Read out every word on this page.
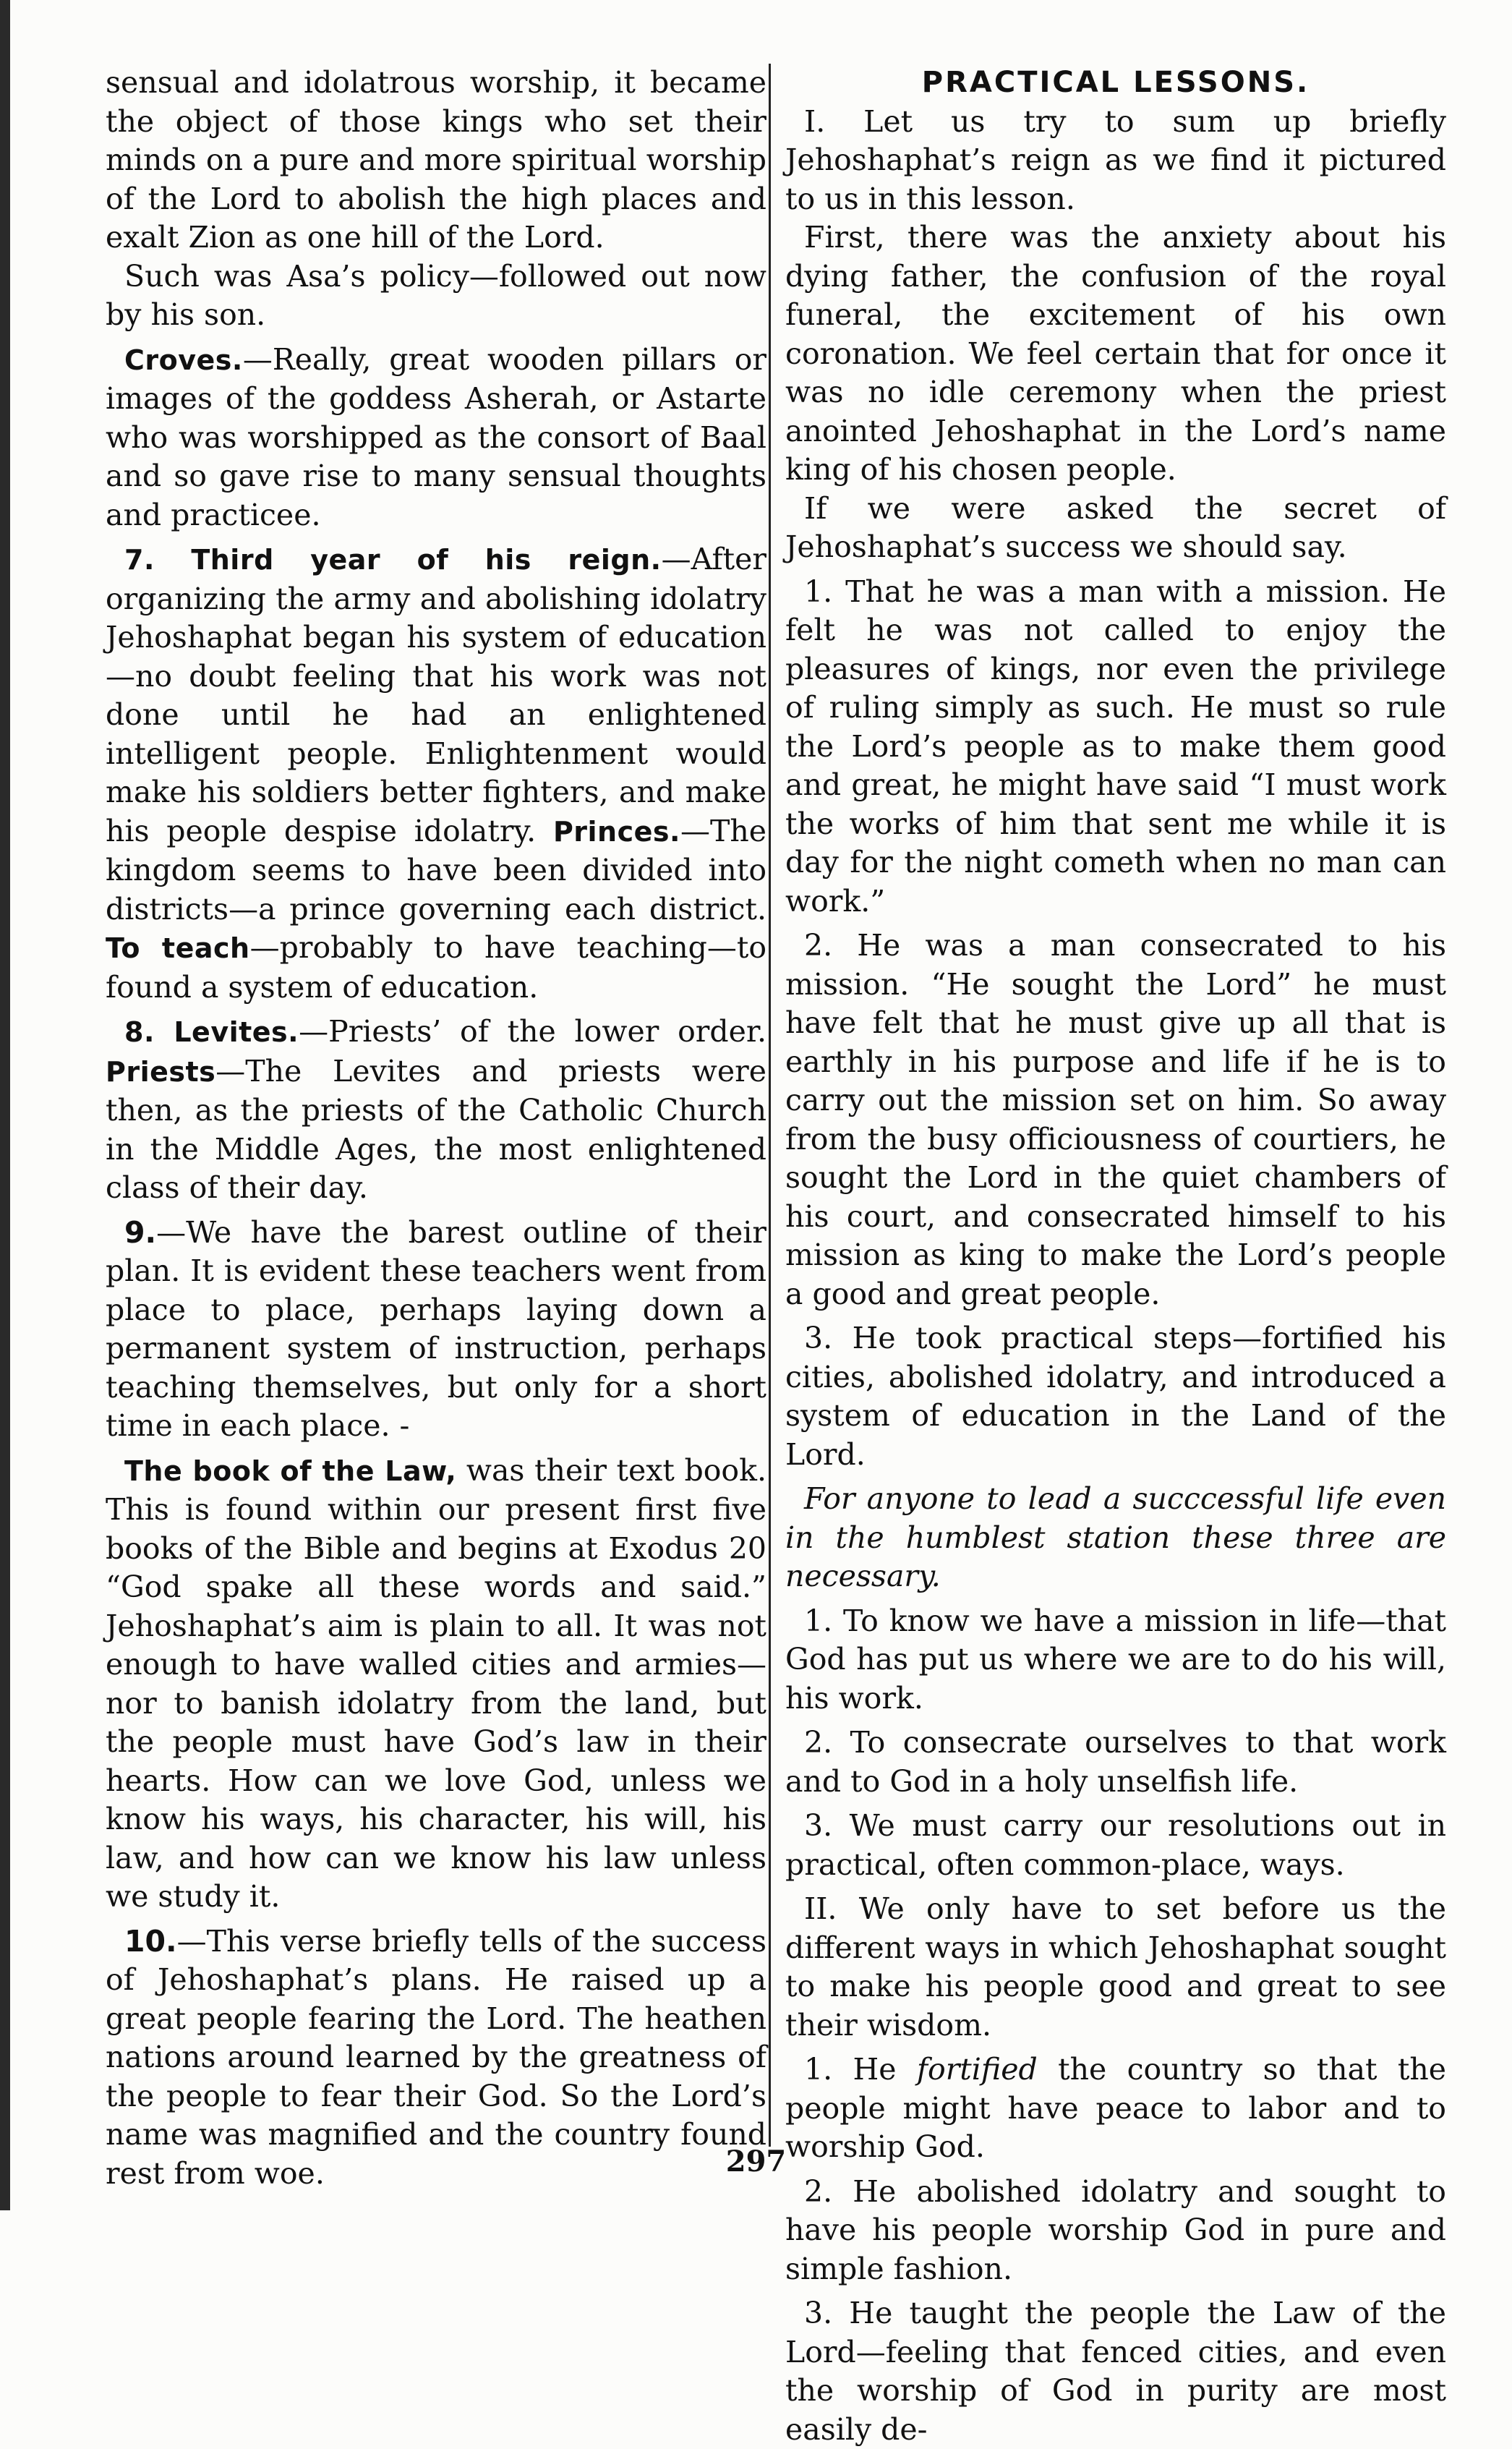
sensual and idolatrous worship, it became the object of those kings who set their minds on a pure and more spiritual worship of the Lord to abolish the high places and exalt Zion as one hill of the Lord.

Such was Asa’s policy—followed out now by his son.

Croves.—Really, great wooden pillars or images of the goddess Asherah, or Astarte who was worshipped as the consort of Baal and so gave rise to many sensual thoughts and practicee.

7. Third year of his reign.—After organizing the army and abolishing idolatry Jehoshaphat began his system of education—no doubt feeling that his work was not done until he had an enlightened intelligent people. Enlightenment would make his soldiers better fighters, and make his people despise idolatry. Princes.—The kingdom seems to have been divided into districts—a prince governing each district. To teach—probably to have teaching—to found a system of education.

8. Levites.—Priests’ of the lower order. Priests—The Levites and priests were then, as the priests of the Catholic Church in the Middle Ages, the most enlightened class of their day.

9.—We have the barest outline of their plan. It is evident these teachers went from place to place, perhaps laying down a permanent system of instruction, perhaps teaching themselves, but only for a short time in each place. -

The book of the Law, was their text book. This is found within our present first five books of the Bible and begins at Exodus 20 “God spake all these words and said.” Jehoshaphat’s aim is plain to all. It was not enough to have walled cities and armies—nor to banish idolatry from the land, but the people must have God’s law in their hearts. How can we love God, unless we know his ways, his character, his will, his law, and how can we know his law unless we study it.

10.—This verse briefly tells of the success of Jehoshaphat’s plans. He raised up a great people fearing the Lord. The heathen nations around learned by the greatness of the people to fear their God. So the Lord’s name was magnified and the country found rest from woe.

PRACTICAL LESSONS.

I. Let us try to sum up briefly Jehoshaphat’s reign as we find it pictured to us in this lesson.

First, there was the anxiety about his dying father, the confusion of the royal funeral, the excitement of his own coronation. We feel certain that for once it was no idle ceremony when the priest anointed Jehoshaphat in the Lord’s name king of his chosen people.

If we were asked the secret of Jehoshaphat’s success we should say.

1. That he was a man with a mission. He felt he was not called to enjoy the pleasures of kings, nor even the privilege of ruling simply as such. He must so rule the Lord’s people as to make them good and great, he might have said “I must work the works of him that sent me while it is day for the night cometh when no man can work.”

2. He was a man consecrated to his mission. “He sought the Lord” he must have felt that he must give up all that is earthly in his purpose and life if he is to carry out the mission set on him. So away from the busy officiousness of courtiers, he sought the Lord in the quiet chambers of his court, and consecrated himself to his mission as king to make the Lord’s people a good and great people.

3. He took practical steps—fortified his cities, abolished idolatry, and introduced a system of education in the Land of the Lord.

For anyone to lead a succcessful life even in the humblest station these three are necessary.

1. To know we have a mission in life—that God has put us where we are to do his will, his work.

2. To consecrate ourselves to that work and to God in a holy unselfish life.

3. We must carry our resolutions out in practical, often common-place, ways.

II. We only have to set before us the different ways in which Jehoshaphat sought to make his people good and great to see their wisdom.

1. He fortified the country so that the people might have peace to labor and to worship God.

2. He abolished idolatry and sought to have his people worship God in pure and simple fashion.

3. He taught the people the Law of the Lord—feeling that fenced cities, and even the worship of God in purity are most easily de-

297
